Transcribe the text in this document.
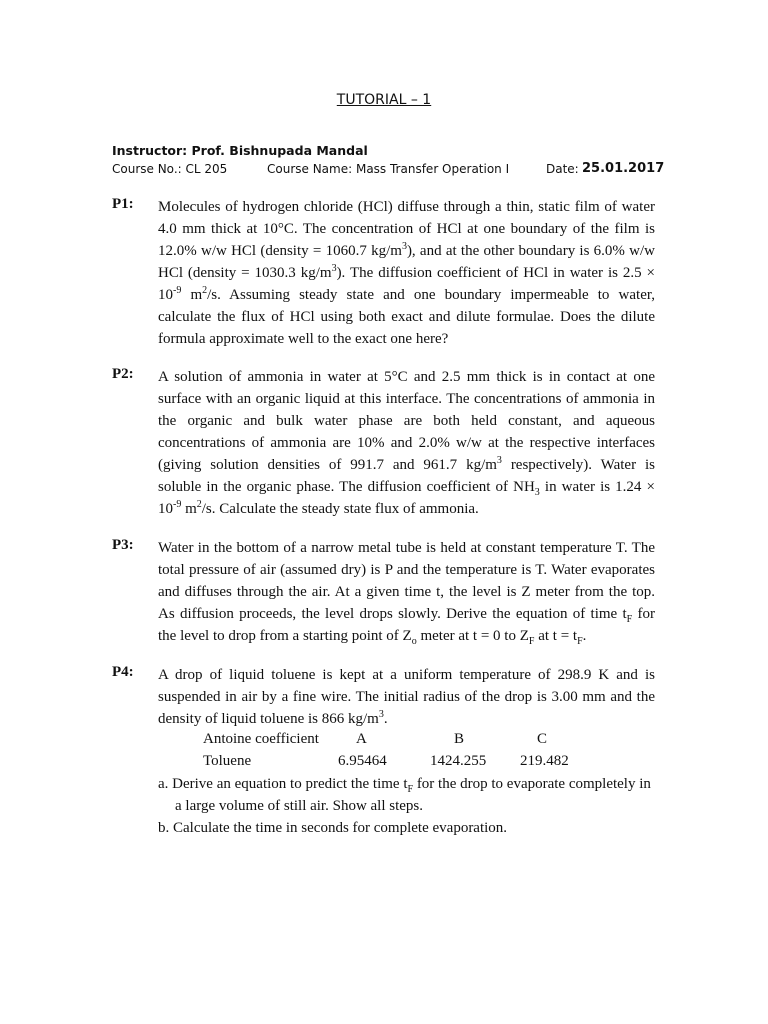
TUTORIAL – 1
Instructor: Prof. Bishnupada Mandal
Course No.: CL 205	Course Name: Mass Transfer Operation I	Date: 25.01.2017
P1: Molecules of hydrogen chloride (HCl) diffuse through a thin, static film of water
4.0 mm thick at 10°C. The concentration of HCl at one boundary of the film is
12.0% w/w HCl (density = 1060.7 $kg/m^3$), and at the other boundary is 6.0% w/w
HCl (density = 1030.3 $kg/m^3$). The diffusion coefficient of HCl in water is 2.5 ×
$10^{-9}$ $m^2/s$. Assuming steady state and one boundary impermeable to water,
calculate the flux of HCl using both exact and dilute formulae. Does the dilute
formula approximate well to the exact one here?
P2: A solution of ammonia in water at 5°C and 2.5 mm thick is in contact at one
surface with an organic liquid at this interface. The concentrations of ammonia in
the organic and bulk water phase are both held constant, and aqueous
concentrations of ammonia are 10% and 2.0% w/w at the respective interfaces
(giving solution densities of 991.7 and 961.7 $kg/m^3$ respectively). Water is
soluble in the organic phase. The diffusion coefficient of $NH_3$ in water is 1.24 ×
$10^{-9}$ $m^2/s$. Calculate the steady state flux of ammonia.
P3: Water in the bottom of a narrow metal tube is held at constant temperature T. The
total pressure of air (assumed dry) is P and the temperature is T. Water evaporates
and diffuses through the air. At a given time t, the level is Z meter from the top.
As diffusion proceeds, the level drops slowly. Derive the equation of time $t_F$ for
the level to drop from a starting point of $Z_o$ meter at t = 0 to $Z_F$ at $t = t_F$.
P4: A drop of liquid toluene is kept at a uniform temperature of 298.9 K and is
suspended in air by a fine wire. The initial radius of the drop is 3.00 mm and the
density of liquid toluene is 866 $kg/m^3$.
Antoine coefficient A	B	C
Toluene	6.95464	1424.255 219.482
a. Derive an equation to predict the time $t_F$ for the drop to evaporate completely in
a large volume of still air. Show all steps.
b. Calculate the time in seconds for complete evaporation.
